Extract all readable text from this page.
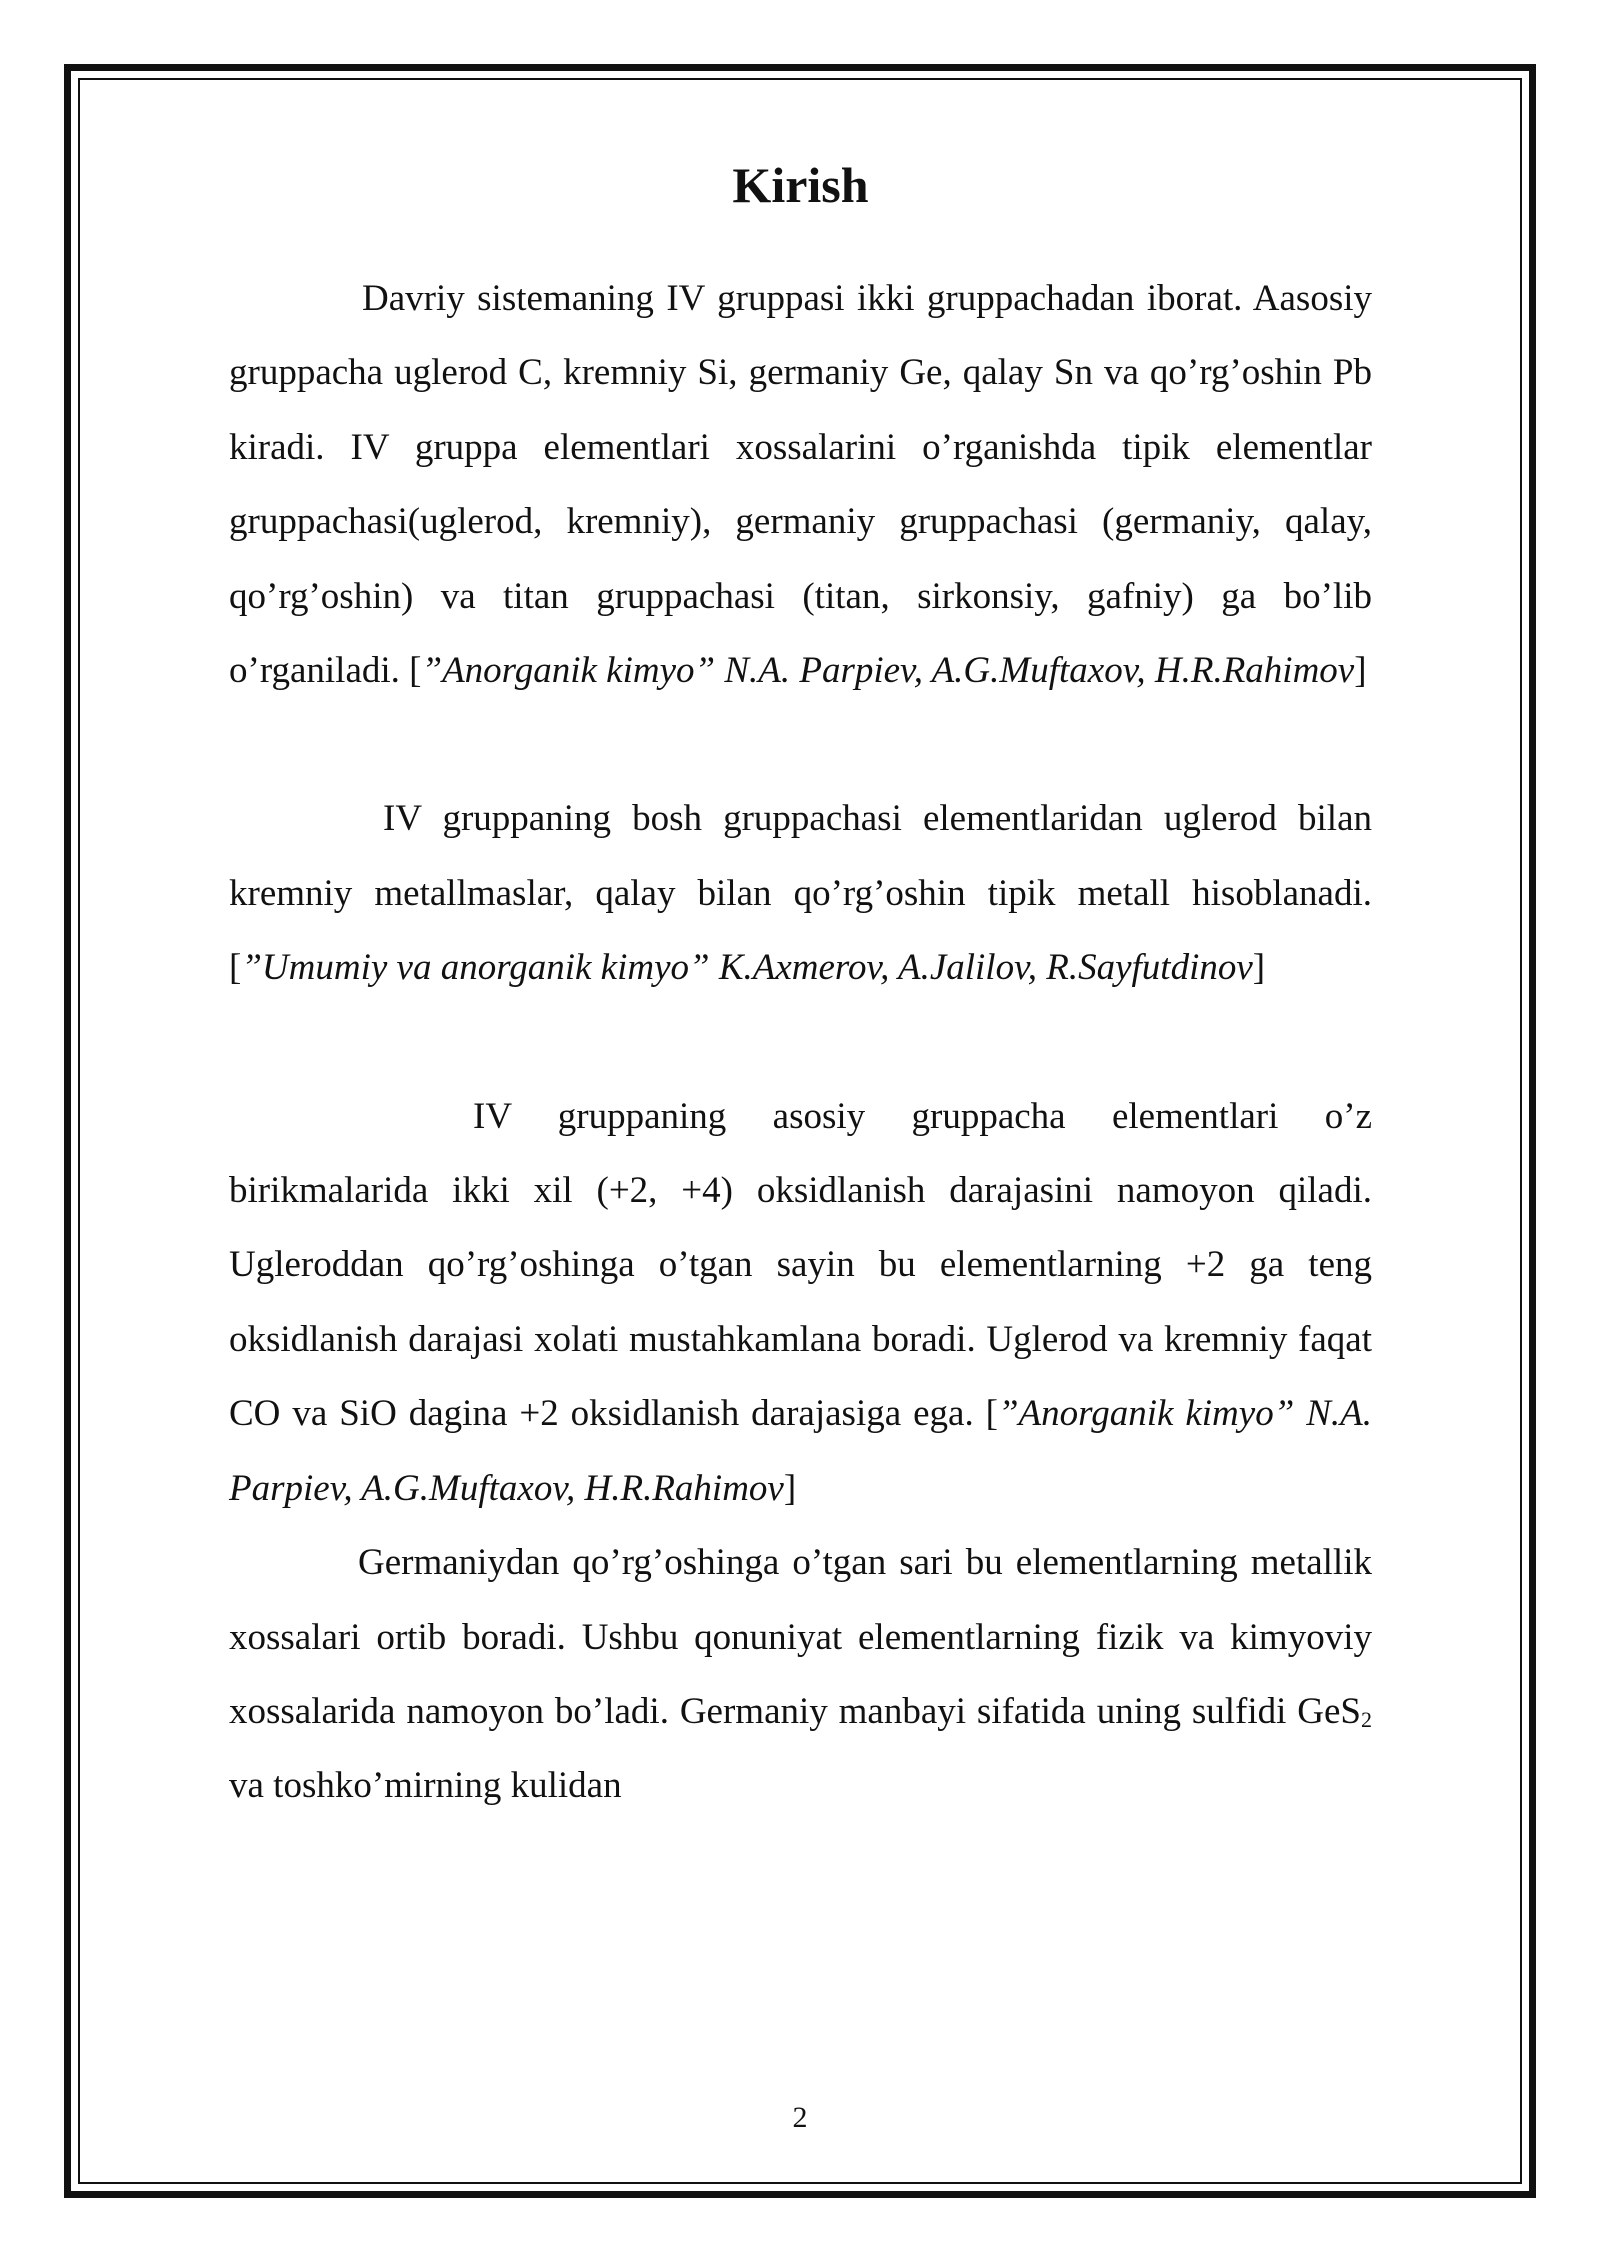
Kirish

Davriy sistemaning IV gruppasi ikki gruppachadan iborat. Aasosiy gruppacha uglerod C, kremniy Si, germaniy Ge, qalay Sn va qo’rg’oshin Pb kiradi. IV gruppa elementlari xossalarini o’rganishda tipik elementlar gruppachasi(uglerod, kremniy), germaniy gruppachasi (germaniy, qalay, qo’rg’oshin) va titan gruppachasi (titan, sirkonsiy, gafniy) ga bo’lib o’rganiladi. [”Anorganik kimyo” N.A. Parpiev, A.G.Muftaxov, H.R.Rahimov]

IV gruppaning bosh gruppachasi elementlaridan uglerod bilan kremniy metallmaslar, qalay bilan qo’rg’oshin tipik metall hisoblanadi. [”Umumiy va anorganik kimyo” K.Axmerov, A.Jalilov, R.Sayfutdinov]

IV gruppaning asosiy gruppacha elementlari o’z birikmalarida ikki xil (+2, +4) oksidlanish darajasini namoyon qiladi. Ugleroddan qo’rg’oshinga o’tgan sayin bu elementlarning +2 ga teng oksidlanish darajasi xolati mustahkamlana boradi. Uglerod va kremniy faqat CO va SiO dagina +2 oksidlanish darajasiga ega. [”Anorganik kimyo” N.A. Parpiev, A.G.Muftaxov, H.R.Rahimov]

Germaniydan qo’rg’oshinga o’tgan sari bu elementlarning metallik xossalari ortib boradi. Ushbu qonuniyat elementlarning fizik va kimyoviy xossalarida namoyon bo’ladi. Germaniy manbayi sifatida uning sulfidi GeS$_2$ va toshko’mirning kulidan

2
